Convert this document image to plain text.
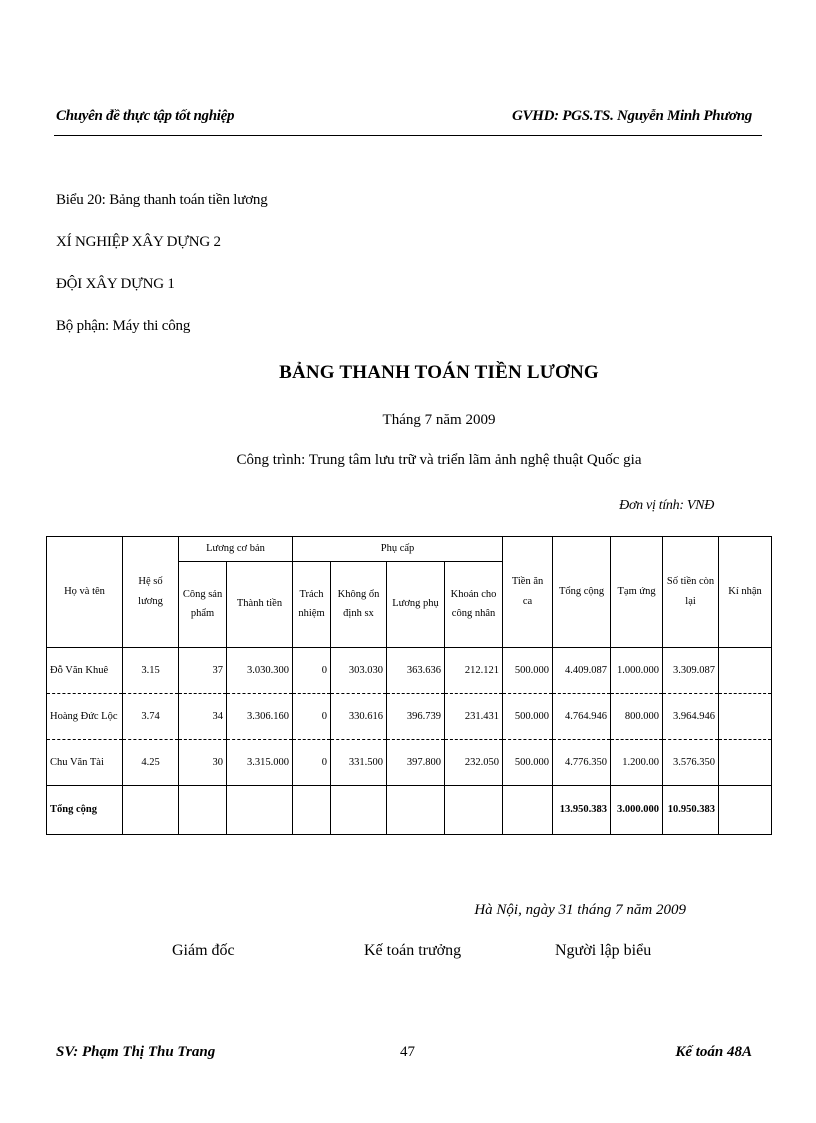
Chuyên đề thực tập tốt nghiệp	GVHD: PGS.TS. Nguyễn Minh Phương
Biểu 20: Bảng thanh toán tiền lương
XÍ NGHIỆP XÂY DỰNG 2
ĐỘI XÂY DỰNG 1
Bộ phận: Máy thi công
BẢNG THANH TOÁN TIỀN LƯƠNG
Tháng 7 năm 2009
Công trình: Trung tâm lưu trữ và triển lãm ảnh nghệ thuật Quốc gia
Đơn vị tính: VNĐ
Họ và tên	Hệ số lương	Lương cơ bản		Phụ cấp				Tiền ăn ca	Tổng cộng	Tạm ứng	Số tiền còn lại	Kí nhận
		Công sản phẩm	Thành tiền	Trách nhiệm	Không ổn định sx	Lương phụ	Khoán cho công nhân					
Đỗ Văn Khuê	3.15	37	3.030.300	0	303.030	363.636	212.121	500.000	4.409.087	1.000.000	3.309.087	
Hoàng Đức Lộc	3.74	34	3.306.160	0	330.616	396.739	231.431	500.000	4.764.946	800.000	3.964.946	
Chu Văn Tài	4.25	30	3.315.000	0	331.500	397.800	232.050	500.000	4.776.350	1.200.00	3.576.350	
Tổng cộng									13.950.383	3.000.000	10.950.383	
Hà Nội, ngày 31 tháng 7 năm 2009
Giám đốc	Kế toán trưởng	Người lập biểu
SV: Phạm Thị Thu Trang	47	Kế toán 48A
